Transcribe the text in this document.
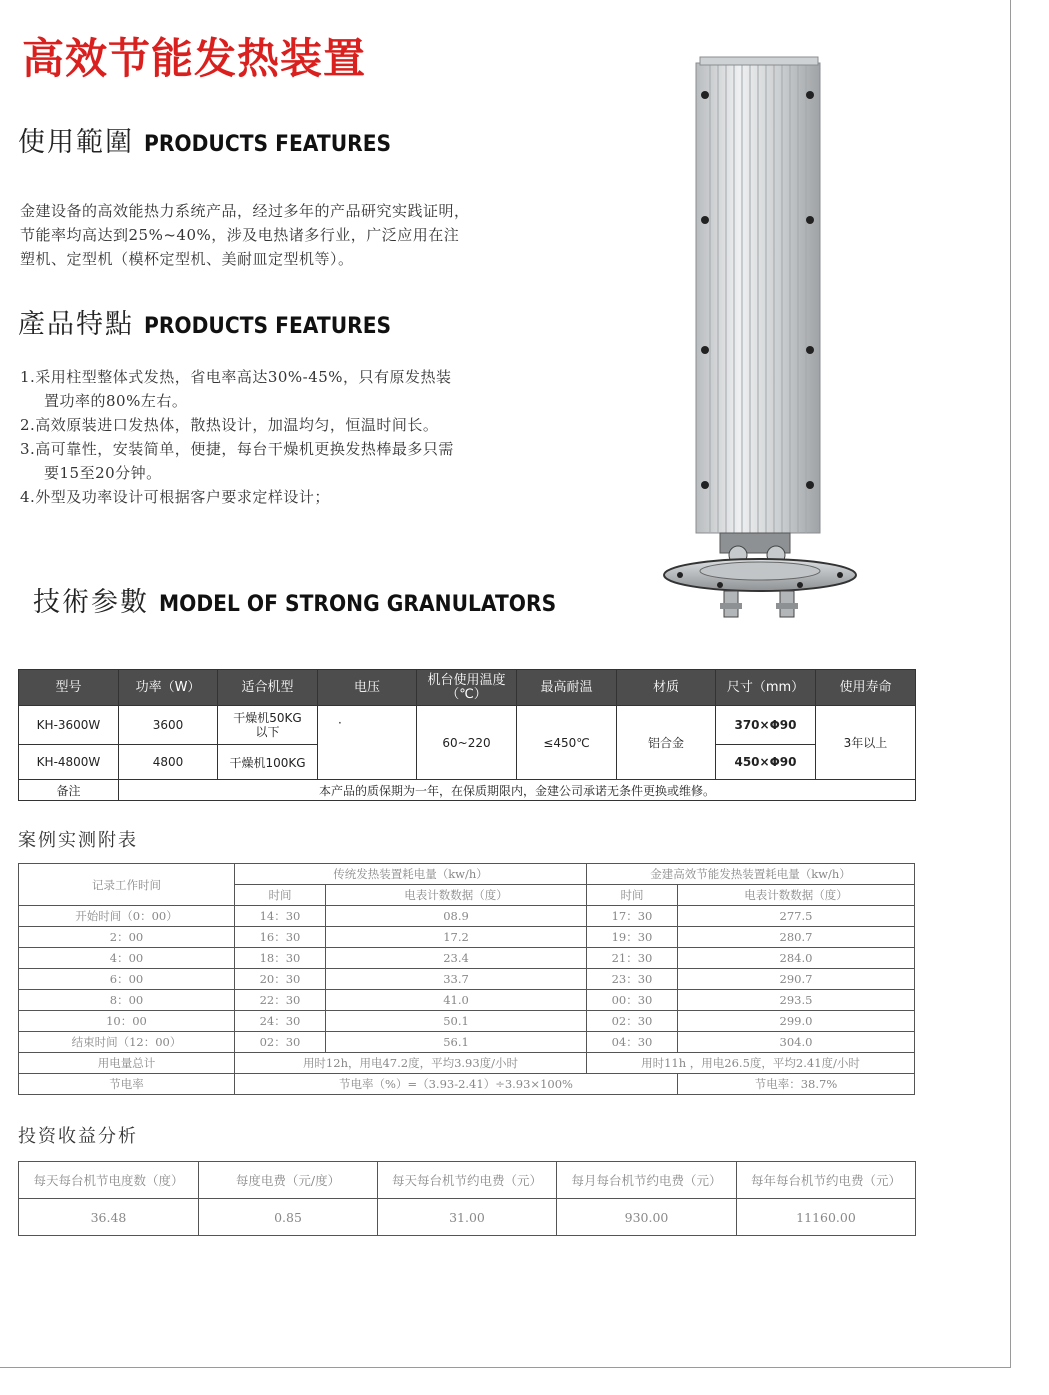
高效节能发热装置
使用範圍 PRODUCTS FEATURES
金建设备的高效能热力系统产品，经过多年的产品研究实践证明，
节能率均高达到25%~40%，涉及电热诸多行业，广泛应用在注
塑机、定型机（模杯定型机、美耐皿定型机等）。
產品特點 PRODUCTS FEATURES
1.采用柱型整体式发热，省电率高达30%-45%，只有原发热装
置功率的80%左右。
2.高效原装进口发热体，散热设计，加温均匀，恒温时间长。
3.高可靠性，安装简单，便捷，每台干燥机更换发热棒最多只需
要15至20分钟。
4.外型及功率设计可根据客户要求定样设计；
技術参數 MODEL OF STRONG GRANULATORS
型号	功率（W）	适合机型	电压	机台使用温度（℃）	最高耐温	材质	尺寸（mm）	使用寿命
KH-3600W	3600	干燥机50KG以下	·	60~220	≤450℃	铝合金	370×Φ90	3年以上
KH-4800W	4800	干燥机100KG					450×Φ90	
备注	本产品的质保期为一年，在保质期限内，金建公司承诺无条件更换或维修。							
案例实测附表
记录工作时间	传统发热装置耗电量（kw/h）		金建高效节能发热装置耗电量（kw/h）	
	时间	电表计数数据（度）	时间	电表计数数据（度）
开始时间（0：00）	14：30	08.9	17：30	277.5
2：00	16：30	17.2	19：30	280.7
4：00	18：30	23.4	21：30	284.0
6：00	20：30	33.7	23：30	290.7
8：00	22：30	41.0	00：30	293.5
10：00	24：30	50.1	02：30	299.0
结束时间（12：00）	02：30	56.1	04：30	304.0
用电量总计	用时12h，用电47.2度，平均3.93度/小时		用时11h ，用电26.5度，平均2.41度/小时	
节电率	节电率（%）=（3.93-2.41）÷3.93×100%			节电率：38.7%
投资收益分析
每天每台机节电度数（度）	每度电费（元/度）	每天每台机节约电费（元）	每月每台机节约电费（元）	每年每台机节约电费（元）
36.48	0.85	31.00	930.00	11160.00
